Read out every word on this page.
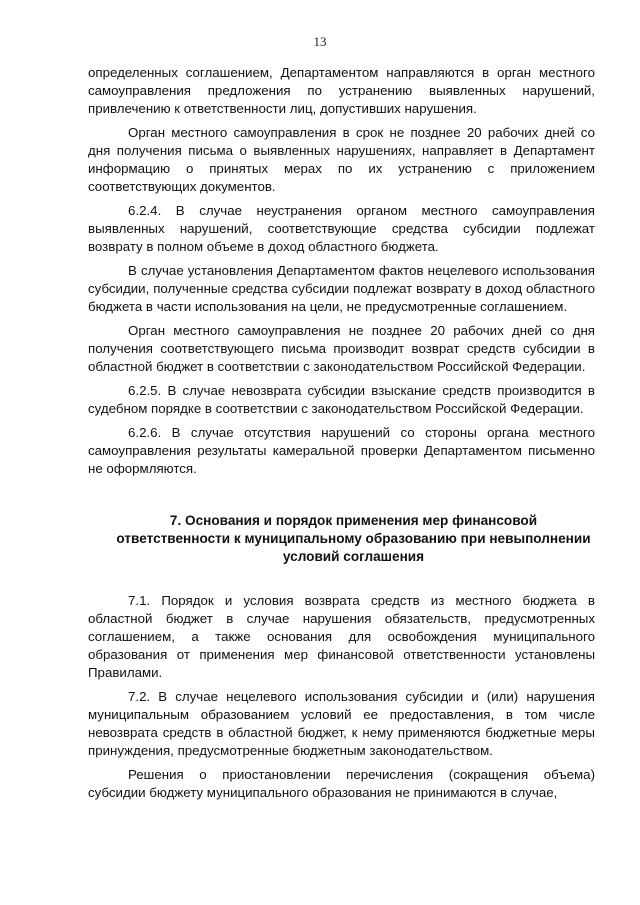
13

определенных соглашением, Департаментом направляются в орган местного самоуправления предложения по устранению выявленных нарушений, привлечению к ответственности лиц, допустивших нарушения.

Орган местного самоуправления в срок не позднее 20 рабочих дней со дня получения письма о выявленных нарушениях, направляет в Департамент информацию о принятых мерах по их устранению с приложением соответствующих документов.

6.2.4. В случае неустранения органом местного самоуправления выявленных нарушений, соответствующие средства субсидии подлежат возврату в полном объеме в доход областного бюджета.

В случае установления Департаментом фактов нецелевого использования субсидии, полученные средства субсидии подлежат возврату в доход областного бюджета в части использования на цели, не предусмотренные соглашением.

Орган местного самоуправления не позднее 20 рабочих дней со дня получения соответствующего письма производит возврат средств субсидии в областной бюджет в соответствии с законодательством Российской Федерации.

6.2.5. В случае невозврата субсидии взыскание средств производится в судебном порядке в соответствии с законодательством Российской Федерации.

6.2.6. В случае отсутствия нарушений со стороны органа местного самоуправления результаты камеральной проверки Департаментом письменно не оформляются.

7. Основания и порядок применения мер финансовой ответственности к муниципальному образованию при невыполнении условий соглашения

7.1. Порядок и условия возврата средств из местного бюджета в областной бюджет в случае нарушения обязательств, предусмотренных соглашением, а также основания для освобождения муниципального образования от применения мер финансовой ответственности установлены Правилами.

7.2. В случае нецелевого использования субсидии и (или) нарушения муниципальным образованием условий ее предоставления, в том числе невозврата средств в областной бюджет, к нему применяются бюджетные меры принуждения, предусмотренные бюджетным законодательством.

Решения о приостановлении перечисления (сокращения объема) субсидии бюджету муниципального образования не принимаются в случае,
